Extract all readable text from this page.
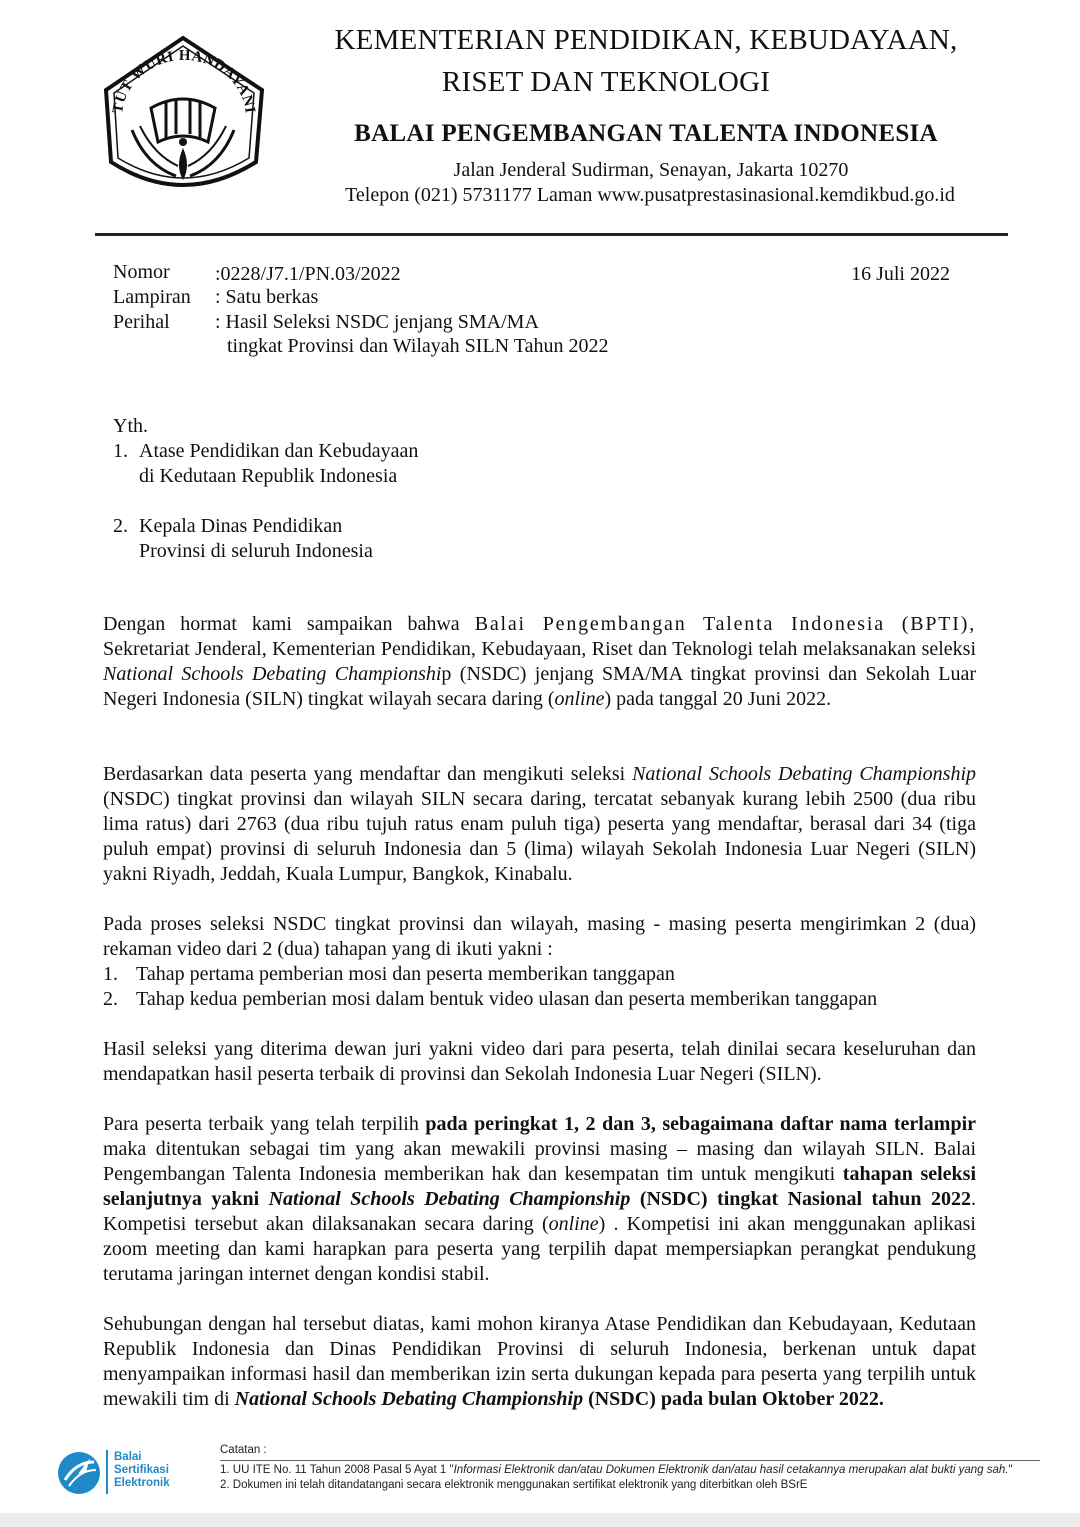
TUT WURI HANDAYANI
KEMENTERIAN PENDIDIKAN, KEBUDAYAAN,
RISET DAN TEKNOLOGI
BALAI PENGEMBANGAN TALENTA INDONESIA
Jalan Jenderal Sudirman, Senayan, Jakarta 10270
Telepon (021) 5731177 Laman www.pusatprestasinasional.kemdikbud.go.id
Nomor :0228/J7.1/PN.03/2022	16 Juli 2022
Lampiran : Satu berkas
Perihal : Hasil Seleksi NSDC jenjang SMA/MA
tingkat Provinsi dan Wilayah SILN Tahun 2022
Yth.
1. Atase Pendidikan dan Kebudayaan
di Kedutaan Republik Indonesia
2. Kepala Dinas Pendidikan
Provinsi di seluruh Indonesia

Dengan hormat kami sampaikan bahwa Balai Pengembangan Talenta Indonesia (BPTI), Sekretariat Jenderal, Kementerian Pendidikan, Kebudayaan, Riset dan Teknologi telah melaksanakan seleksi National Schools Debating Championship (NSDC) jenjang SMA/MA tingkat provinsi dan Sekolah Luar Negeri Indonesia (SILN) tingkat wilayah secara daring (online) pada tanggal 20 Juni 2022.

Berdasarkan data peserta yang mendaftar dan mengikuti seleksi National Schools Debating Championship (NSDC) tingkat provinsi dan wilayah SILN secara daring, tercatat sebanyak kurang lebih 2500 (dua ribu lima ratus) dari 2763 (dua ribu tujuh ratus enam puluh tiga) peserta yang mendaftar, berasal dari 34 (tiga puluh empat) provinsi di seluruh Indonesia dan 5 (lima) wilayah Sekolah Indonesia Luar Negeri (SILN) yakni Riyadh, Jeddah, Kuala Lumpur, Bangkok, Kinabalu.

Pada proses seleksi NSDC tingkat provinsi dan wilayah, masing - masing peserta mengirimkan 2 (dua) rekaman video dari 2 (dua) tahapan yang di ikuti yakni :

1. Tahap pertama pemberian mosi dan peserta memberikan tanggapan
2. Tahap kedua pemberian mosi dalam bentuk video ulasan dan peserta memberikan tanggapan

Hasil seleksi yang diterima dewan juri yakni video dari para peserta, telah dinilai secara keseluruhan dan mendapatkan hasil peserta terbaik di provinsi dan Sekolah Indonesia Luar Negeri (SILN).

Para peserta terbaik yang telah terpilih pada peringkat 1, 2 dan 3, sebagaimana daftar nama terlampir maka ditentukan sebagai tim yang akan mewakili provinsi masing – masing dan wilayah SILN. Balai Pengembangan Talenta Indonesia memberikan hak dan kesempatan tim untuk mengikuti tahapan seleksi selanjutnya yakni National Schools Debating Championship (NSDC) tingkat Nasional tahun 2022. Kompetisi tersebut akan dilaksanakan secara daring (online) . Kompetisi ini akan menggunakan aplikasi zoom meeting dan kami harapkan para peserta yang terpilih dapat mempersiapkan perangkat pendukung terutama jaringan internet dengan kondisi stabil.

Sehubungan dengan hal tersebut diatas, kami mohon kiranya Atase Pendidikan dan Kebudayaan, Kedutaan Republik Indonesia dan Dinas Pendidikan Provinsi di seluruh Indonesia, berkenan untuk dapat menyampaikan informasi hasil dan memberikan izin serta dukungan kepada para peserta yang terpilih untuk mewakili tim di National Schools Debating Championship (NSDC) pada bulan Oktober 2022.

Balai
Sertifikasi
Elektronik
Catatan :
1. UU ITE No. 11 Tahun 2008 Pasal 5 Ayat 1 "Informasi Elektronik dan/atau Dokumen Elektronik dan/atau hasil cetakannya merupakan alat bukti yang sah."
2. Dokumen ini telah ditandatangani secara elektronik menggunakan sertifikat elektronik yang diterbitkan oleh BSrE
